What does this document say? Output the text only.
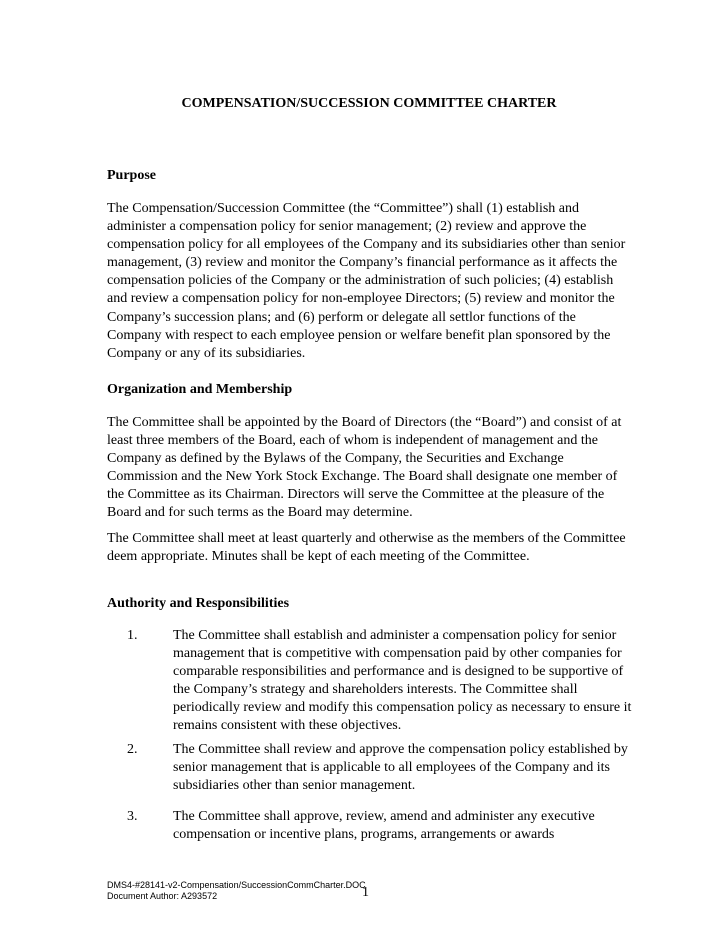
COMPENSATION/SUCCESSION COMMITTEE CHARTER
Purpose

The Compensation/Succession Committee (the “Committee”) shall (1) establish and administer a compensation policy for senior management; (2) review and approve the compensation policy for all employees of the Company and its subsidiaries other than senior management, (3) review and monitor the Company’s financial performance as it affects the compensation policies of the Company or the administration of such policies; (4) establish and review a compensation policy for non-employee Directors; (5) review and monitor the Company’s succession plans; and (6) perform or delegate all settlor functions of the Company with respect to each employee pension or welfare benefit plan sponsored by the Company or any of its subsidiaries.

Organization and Membership

The Committee shall be appointed by the Board of Directors (the “Board”) and consist of at least three members of the Board, each of whom is independent of management and the Company as defined by the Bylaws of the Company, the Securities and Exchange Commission and the New York Stock Exchange. The Board shall designate one member of the Committee as its Chairman. Directors will serve the Committee at the pleasure of the Board and for such terms as the Board may determine.

The Committee shall meet at least quarterly and otherwise as the members of the Committee deem appropriate. Minutes shall be kept of each meeting of the Committee.

Authority and Responsibilities
1.	The Committee shall establish and administer a compensation policy for senior management that is competitive with compensation paid by other companies for comparable responsibilities and performance and is designed to be supportive of the Company’s strategy and shareholders interests. The Committee shall periodically review and modify this compensation policy as necessary to ensure it remains consistent with these objectives.
2.	The Committee shall review and approve the compensation policy established by senior management that is applicable to all employees of the Company and its subsidiaries other than senior management.
3.	The Committee shall approve, review, amend and administer any executive compensation or incentive plans, programs, arrangements or awards
DMS4-#28141-v2-Compensation/SuccessionCommCharter.DOC
Document Author: A293572	1
